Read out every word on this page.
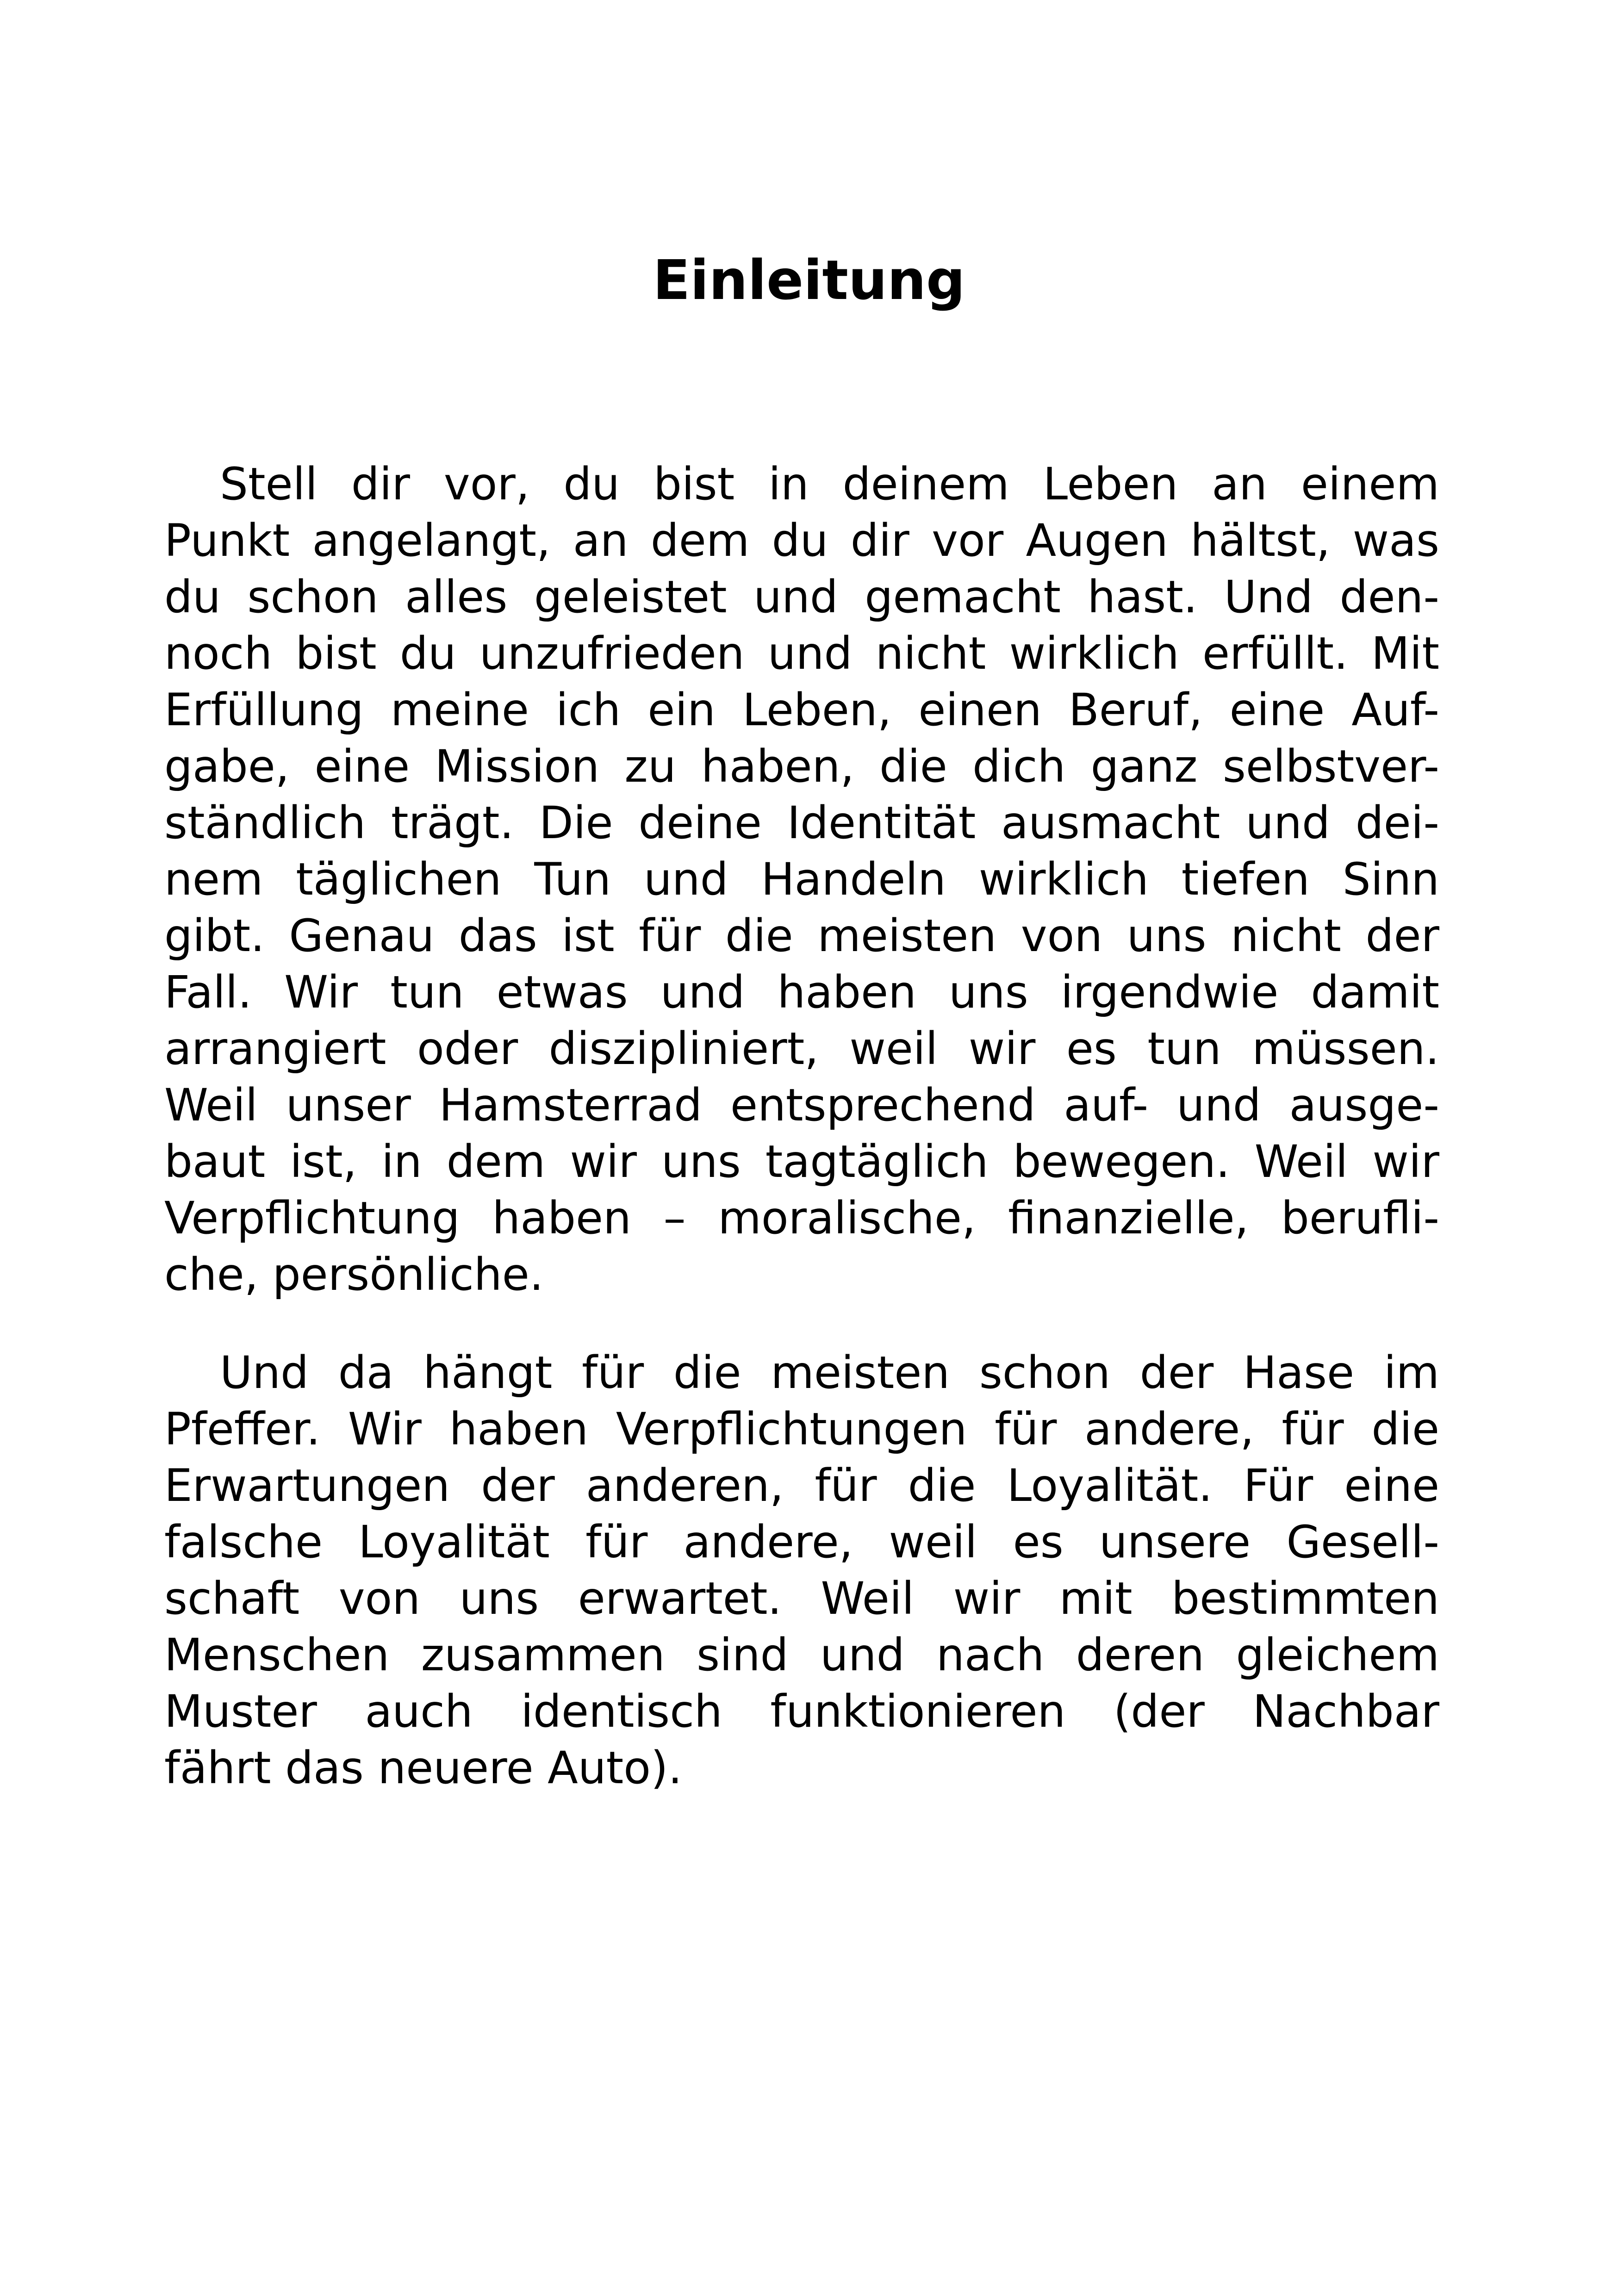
Einleitung
Stell dir vor, du bist in deinem Leben an einem
Punkt angelangt, an dem du dir vor Augen hältst, was
du schon alles geleistet und gemacht hast. Und den-
noch bist du unzufrieden und nicht wirklich erfüllt. Mit
Erfüllung meine ich ein Leben, einen Beruf, eine Auf-
gabe, eine Mission zu haben, die dich ganz selbstver-
ständlich trägt. Die deine Identität ausmacht und dei-
nem täglichen Tun und Handeln wirklich tiefen Sinn
gibt. Genau das ist für die meisten von uns nicht der
Fall. Wir tun etwas und haben uns irgendwie damit
arrangiert oder diszipliniert, weil wir es tun müssen.
Weil unser Hamsterrad entsprechend auf- und ausge-
baut ist, in dem wir uns tagtäglich bewegen. Weil wir
Verpflichtung haben – moralische, finanzielle, berufli-
che, persönliche.
Und da hängt für die meisten schon der Hase im
Pfeffer. Wir haben Verpflichtungen für andere, für die
Erwartungen der anderen, für die Loyalität. Für eine
falsche Loyalität für andere, weil es unsere Gesell-
schaft von uns erwartet. Weil wir mit bestimmten
Menschen zusammen sind und nach deren gleichem
Muster auch identisch funktionieren (der Nachbar
fährt das neuere Auto).
